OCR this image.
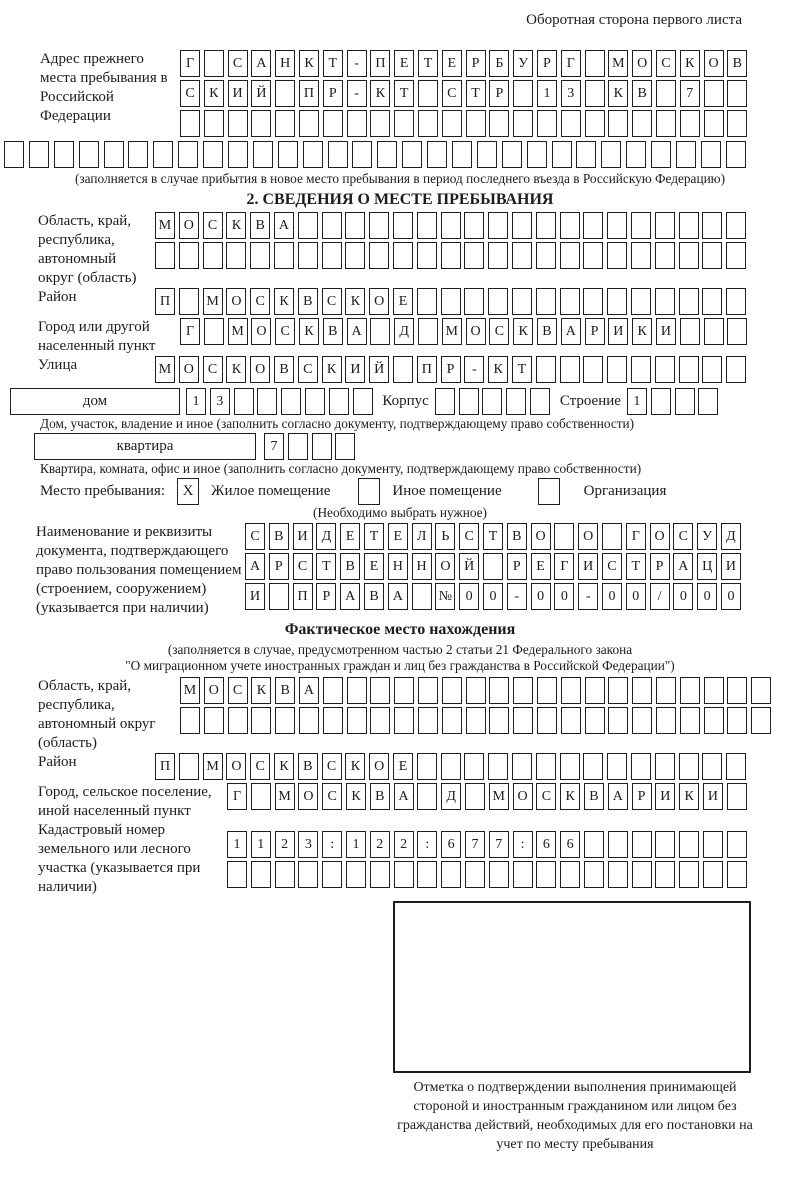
Оборотная сторона первого листа
Адрес прежнего места пребывания в Российской Федерации
Г	С	А Н	К	Т	-	П	Е	Т	Е	Р	Б	У	Р	Г	М О	С	К	О	В
С	К	И Й	П	Р	-	К	Т	С	Т	Р	1	3	К	В	7
(заполняется в случае прибытия в новое место пребывания в период последнего въезда в Российскую Федерацию)
2. СВЕДЕНИЯ О МЕСТЕ ПРЕБЫВАНИЯ
Область, край, республика, автономный округ (область)
М О	С	К	В	А
Район	П	М О	С	К	В	С	К	О	Е
Город или другой населенный пункт
Г	М О	С	К	В	А	Д	М О	С	К	В	А	Р	И	К	И
Улица	М О	С	К	О	В	С	К	И Й	П	Р	-	К	Т
дом	1	3	Корпус	Строение 1
Дом, участок, владение и иное (заполнить согласно документу, подтверждающему право собственности)
квартира	7
Квартира, комната, офис и иное (заполнить согласно документу, подтверждающему право собственности)
Место пребывания:	X	Жилое помещение	Иное помещение	Организация
(Необходимо выбрать нужное)
Наименование и реквизиты документа, подтверждающего право пользования помещением (строением, сооружением) (указывается при наличии)
С	В	И Д	Е	Т	Е	Л	Ь	С	Т	В	О	О	Г	О	С	У	Д
А	Р	С	Т	В	Е	Н Н О Й	Р	Е	Г	И	С	Т	Р	А Ц И
И	П	Р	А	В	А	№ 0	0	-	0	0	-	0	0	/	0	0	0
Фактическое место нахождения
(заполняется в случае, предусмотренном частью 2 статьи 21 Федерального закона
"О миграционном учете иностранных граждан и лиц без гражданства в Российской Федерации")
Область, край, республика, автономный округ (область)
М О	С	К	В	А
Район	П	М О	С	К	В	С	К	О	Е
Город, сельское поселение, иной населенный пункт
Г	М О	С	К	В	А	Д	М О	С	К	В	А	Р	И	К	И
Кадастровый номер земельного или лесного участка (указывается при наличии)
1	1	2	3	:	1	2	2	:	6	7	7	:	6	6
Отметка о подтверждении выполнения принимающей стороной и иностранным гражданином или лицом без гражданства действий, необходимых для его постановки на учет по месту пребывания
